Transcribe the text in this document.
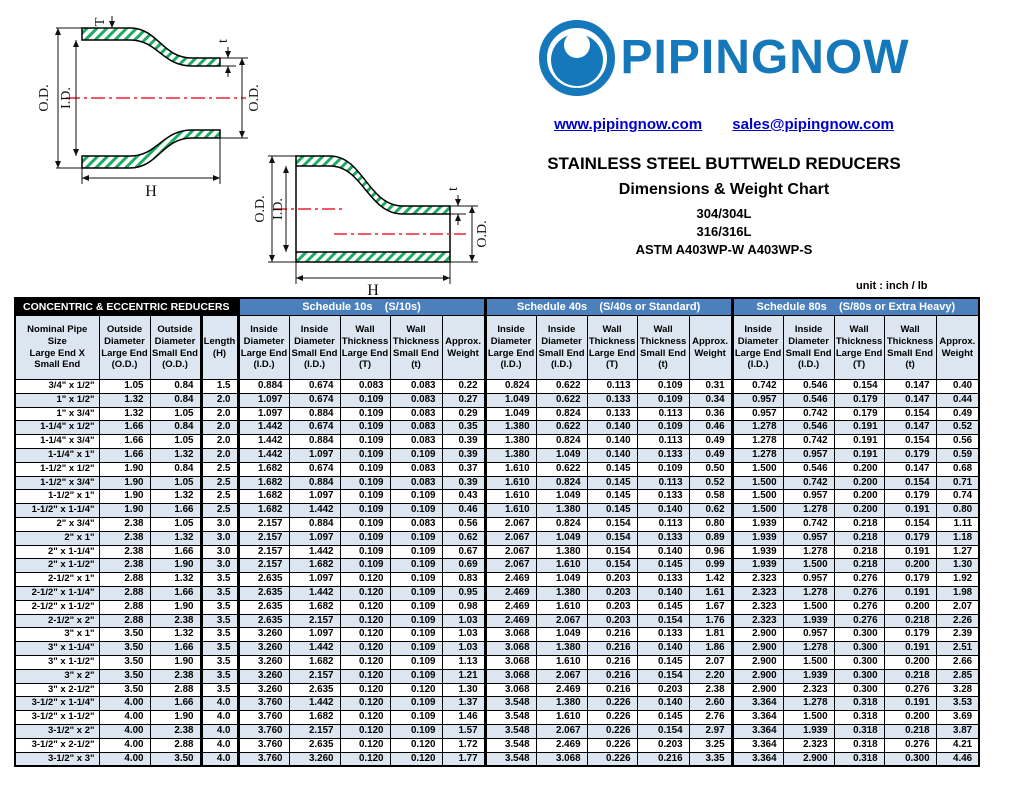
T
O.D. I.D.
t
O.D.
H
O.D. I.D.
t
O.D.
H
PIPINGNOW
www.pipingnow.com sales@pipingnow.com
STAINLESS STEEL BUTTWELD REDUCERS
Dimensions & Weight Chart
304/304L
316/316L
ASTM A403WP-W A403WP-S
unit : inch / lb
CONCENTRIC & ECCENTRIC REDUCERS				Schedule 10s    (S/10s)					Schedule 40s    (S/40s or Standard)					Schedule 80s    (S/80s or Extra Heavy)				

Nominal Pipe
Size
Large End X
Small End

Outside
Diameter
Large End
(O.D.)

Outside
Diameter
Small End
(O.D.)

Length
(H)

Inside
Diameter
Large End
(I.D.)

Inside
Diameter
Small End
(I.D.)

Wall
Thickness
Large End
(T)

Wall
Thickness
Small End
(t)

Approx.
Weight

Inside
Diameter
Large End
(I.D.)

Inside
Diameter
Small End
(I.D.)

Wall
Thickness
Large End
(T)

Wall
Thickness
Small End
(t)

Approx.
Weight

Inside
Diameter
Large End
(I.D.)

Inside
Diameter
Small End
(I.D.)

Wall
Thickness
Large End
(T)

Wall
Thickness
Small End
(t)

Approx.
Weight

3/4" x 1/2"	1.05	0.84	1.5	0.884	0.674	0.083	0.083	0.22	0.824	0.622	0.113	0.109	0.31	0.742	0.546	0.154	0.147	0.40
1" x 1/2"	1.32	0.84	2.0	1.097	0.674	0.109	0.083	0.27	1.049	0.622	0.133	0.109	0.34	0.957	0.546	0.179	0.147	0.44
1" x 3/4"	1.32	1.05	2.0	1.097	0.884	0.109	0.083	0.29	1.049	0.824	0.133	0.113	0.36	0.957	0.742	0.179	0.154	0.49
1-1/4" x 1/2"	1.66	0.84	2.0	1.442	0.674	0.109	0.083	0.35	1.380	0.622	0.140	0.109	0.46	1.278	0.546	0.191	0.147	0.52
1-1/4" x 3/4"	1.66	1.05	2.0	1.442	0.884	0.109	0.083	0.39	1.380	0.824	0.140	0.113	0.49	1.278	0.742	0.191	0.154	0.56
1-1/4" x 1"	1.66	1.32	2.0	1.442	1.097	0.109	0.109	0.39	1.380	1.049	0.140	0.133	0.49	1.278	0.957	0.191	0.179	0.59
1-1/2" x 1/2"	1.90	0.84	2.5	1.682	0.674	0.109	0.083	0.37	1.610	0.622	0.145	0.109	0.50	1.500	0.546	0.200	0.147	0.68
1-1/2" x 3/4"	1.90	1.05	2.5	1.682	0.884	0.109	0.083	0.39	1.610	0.824	0.145	0.113	0.52	1.500	0.742	0.200	0.154	0.71
1-1/2" x 1"	1.90	1.32	2.5	1.682	1.097	0.109	0.109	0.43	1.610	1.049	0.145	0.133	0.58	1.500	0.957	0.200	0.179	0.74
1-1/2" x 1-1/4"	1.90	1.66	2.5	1.682	1.442	0.109	0.109	0.46	1.610	1.380	0.145	0.140	0.62	1.500	1.278	0.200	0.191	0.80
2" x 3/4"	2.38	1.05	3.0	2.157	0.884	0.109	0.083	0.56	2.067	0.824	0.154	0.113	0.80	1.939	0.742	0.218	0.154	1.11
2" x 1"	2.38	1.32	3.0	2.157	1.097	0.109	0.109	0.62	2.067	1.049	0.154	0.133	0.89	1.939	0.957	0.218	0.179	1.18
2" x 1-1/4"	2.38	1.66	3.0	2.157	1.442	0.109	0.109	0.67	2.067	1.380	0.154	0.140	0.96	1.939	1.278	0.218	0.191	1.27
2" x 1-1/2"	2.38	1.90	3.0	2.157	1.682	0.109	0.109	0.69	2.067	1.610	0.154	0.145	0.99	1.939	1.500	0.218	0.200	1.30
2-1/2" x 1"	2.88	1.32	3.5	2.635	1.097	0.120	0.109	0.83	2.469	1.049	0.203	0.133	1.42	2.323	0.957	0.276	0.179	1.92
2-1/2" x 1-1/4"	2.88	1.66	3.5	2.635	1.442	0.120	0.109	0.95	2.469	1.380	0.203	0.140	1.61	2.323	1.278	0.276	0.191	1.98
2-1/2" x 1-1/2"	2.88	1.90	3.5	2.635	1.682	0.120	0.109	0.98	2.469	1.610	0.203	0.145	1.67	2.323	1.500	0.276	0.200	2.07
2-1/2" x 2"	2.88	2.38	3.5	2.635	2.157	0.120	0.109	1.03	2.469	2.067	0.203	0.154	1.76	2.323	1.939	0.276	0.218	2.26
3" x 1"	3.50	1.32	3.5	3.260	1.097	0.120	0.109	1.03	3.068	1.049	0.216	0.133	1.81	2.900	0.957	0.300	0.179	2.39
3" x 1-1/4"	3.50	1.66	3.5	3.260	1.442	0.120	0.109	1.03	3.068	1.380	0.216	0.140	1.86	2.900	1.278	0.300	0.191	2.51
3" x 1-1/2"	3.50	1.90	3.5	3.260	1.682	0.120	0.109	1.13	3.068	1.610	0.216	0.145	2.07	2.900	1.500	0.300	0.200	2.66
3" x 2"	3.50	2.38	3.5	3.260	2.157	0.120	0.109	1.21	3.068	2.067	0.216	0.154	2.20	2.900	1.939	0.300	0.218	2.85
3" x 2-1/2"	3.50	2.88	3.5	3.260	2.635	0.120	0.120	1.30	3.068	2.469	0.216	0.203	2.38	2.900	2.323	0.300	0.276	3.28
3-1/2" x 1-1/4"	4.00	1.66	4.0	3.760	1.442	0.120	0.109	1.37	3.548	1.380	0.226	0.140	2.60	3.364	1.278	0.318	0.191	3.53
3-1/2" x 1-1/2"	4.00	1.90	4.0	3.760	1.682	0.120	0.109	1.46	3.548	1.610	0.226	0.145	2.76	3.364	1.500	0.318	0.200	3.69
3-1/2" x 2"	4.00	2.38	4.0	3.760	2.157	0.120	0.109	1.57	3.548	2.067	0.226	0.154	2.97	3.364	1.939	0.318	0.218	3.87
3-1/2" x 2-1/2"	4.00	2.88	4.0	3.760	2.635	0.120	0.120	1.72	3.548	2.469	0.226	0.203	3.25	3.364	2.323	0.318	0.276	4.21
3-1/2" x 3"	4.00	3.50	4.0	3.760	3.260	0.120	0.120	1.77	3.548	3.068	0.226	0.216	3.35	3.364	2.900	0.318	0.300	4.46
